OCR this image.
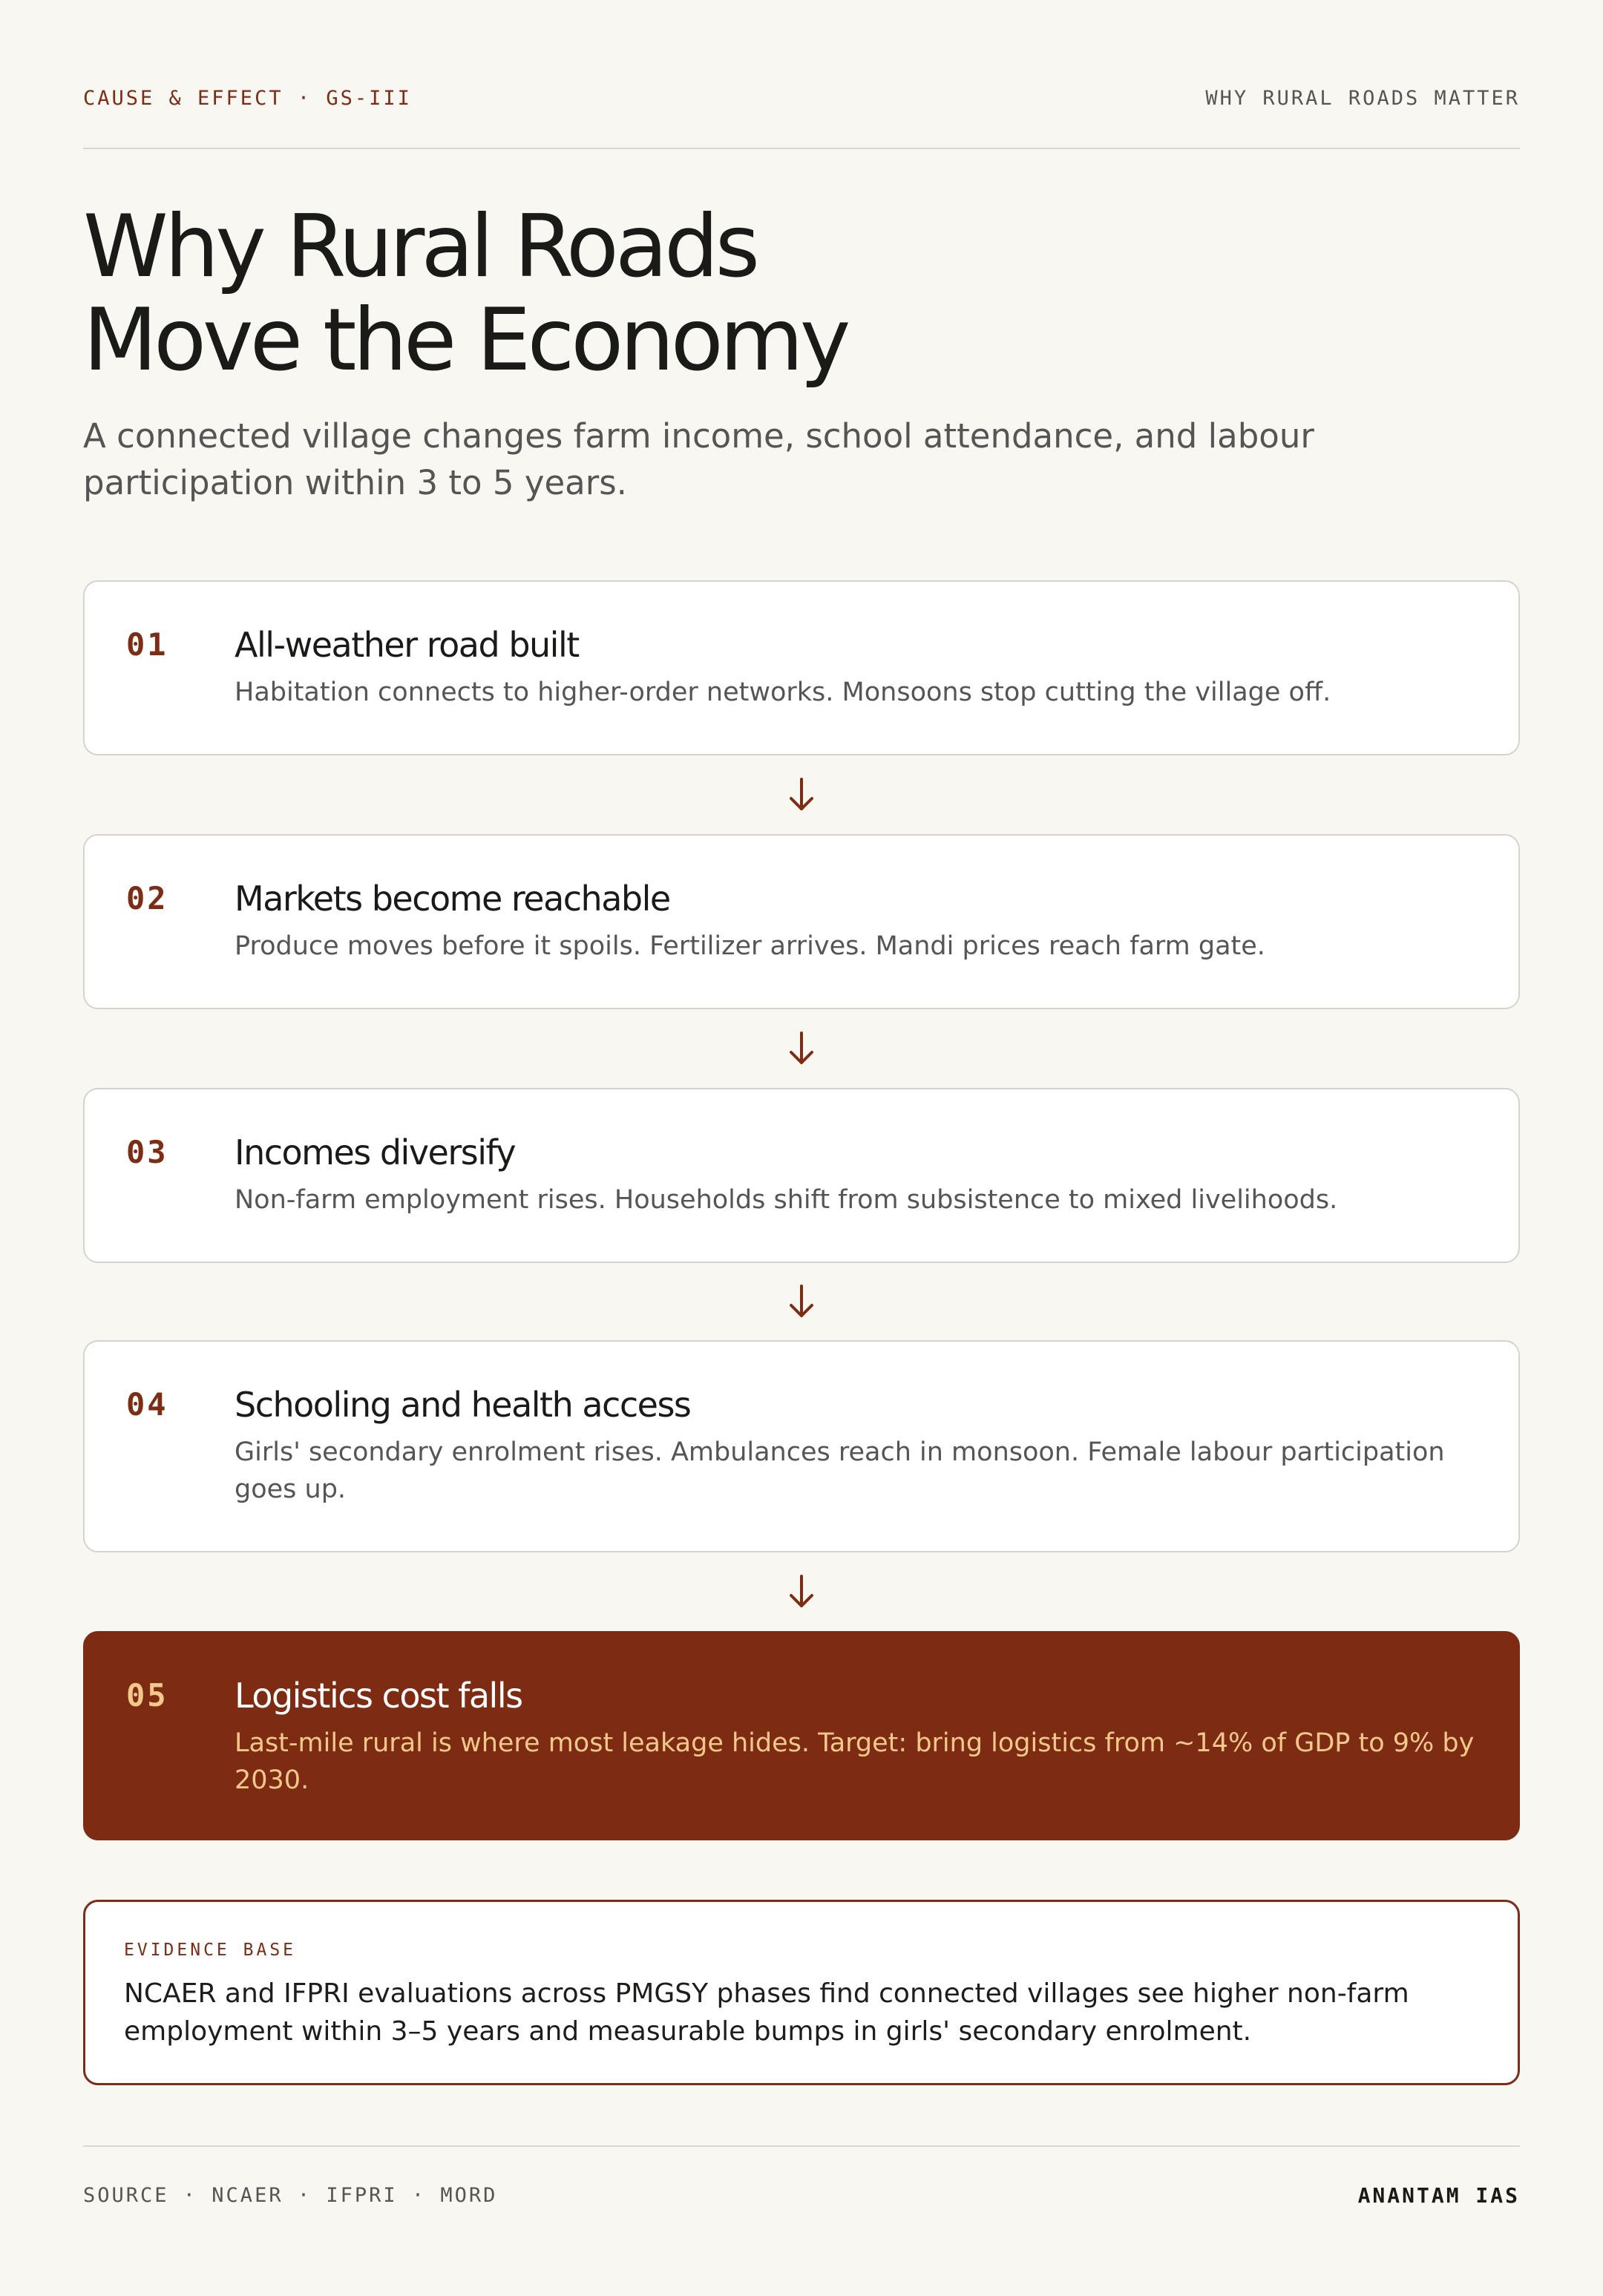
CAUSE & EFFECT · GS-III	WHY RURAL ROADS MATTER
Why Rural Roads
Move the Economy

A connected village changes farm income, school attendance, and labour participation within 3 to 5 years.

01 All-weather road built
Habitation connects to higher-order networks. Monsoons stop cutting the village off.
02 Markets become reachable
Produce moves before it spoils. Fertilizer arrives. Mandi prices reach farm gate.
03 Incomes diversify
Non-farm employment rises. Households shift from subsistence to mixed livelihoods.
04 Schooling and health access
Girls' secondary enrolment rises. Ambulances reach in monsoon. Female labour participation goes up.
05 Logistics cost falls
Last-mile rural is where most leakage hides. Target: bring logistics from ~14% of GDP to 9% by 2030.
EVIDENCE BASE
NCAER and IFPRI evaluations across PMGSY phases find connected villages see higher non-farm employment within 3–5 years and measurable bumps in girls' secondary enrolment.
SOURCE · NCAER · IFPRI · MORD	ANANTAM IAS
